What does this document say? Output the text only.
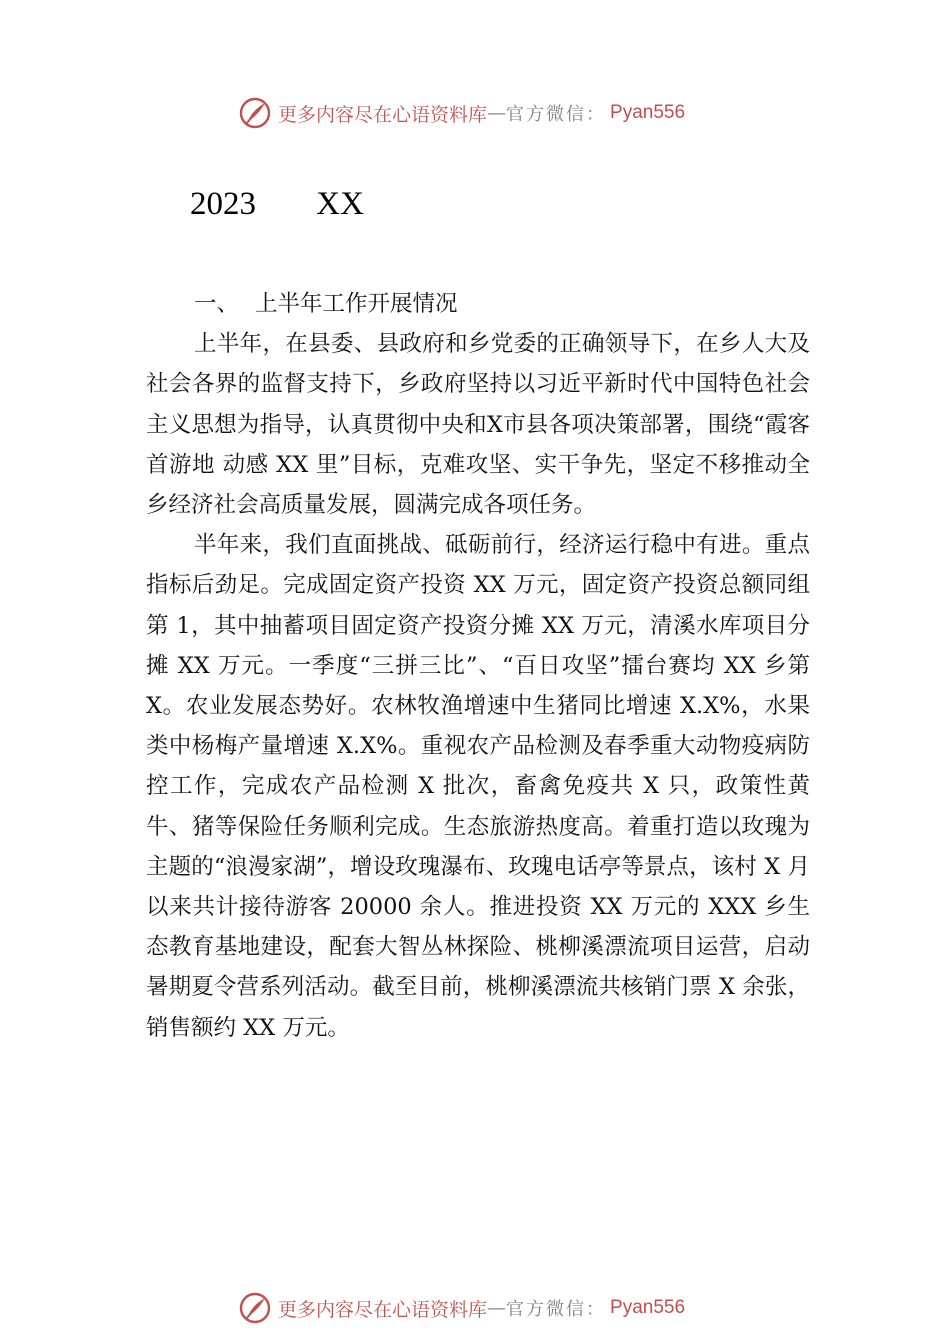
更多内容尽在心语资料库 — 官方微信： Pyan556
2023 XX

一、 上半年工作开展情况

上半年，在县委、县政府和乡党委的正确领导下，在乡人大及社会各界的监督支持下，乡政府坚持以习近平新时代中国特色社会主义思想为指导，认真贯彻中央和X市县各项决策部署，围绕“霞客首游地 动感 XX 里”目标，克难攻坚、实干争先，坚定不移推动全乡经济社会高质量发展，圆满完成各项任务。

半年来，我们直面挑战、砥砺前行，经济运行稳中有进。重点指标后劲足。完成固定资产投资 XX 万元，固定资产投资总额同组第 1，其中抽蓄项目固定资产投资分摊 XX 万元，清溪水库项目分摊 XX 万元。一季度“三拼三比”、“百日攻坚”擂台赛均 XX 乡第 X。农业发展态势好。农林牧渔增速中生猪同比增速 X.X%，水果类中杨梅产量增速 X.X%。重视农产品检测及春季重大动物疫病防控工作，完成农产品检测 X 批次，畜禽免疫共 X 只，政策性黄牛、猪等保险任务顺利完成。生态旅游热度高。着重打造以玫瑰为主题的“浪漫家湖”，增设玫瑰瀑布、玫瑰电话亭等景点，该村 X 月以来共计接待游客 20000 余人。推进投资 XX 万元的 XXX 乡生态教育基地建设，配套大智丛林探险、桃柳溪漂流项目运营，启动暑期夏令营系列活动。截至目前，桃柳溪漂流共核销门票 X 余张，销售额约 XX 万元。

更多内容尽在心语资料库 — 官方微信： Pyan556
